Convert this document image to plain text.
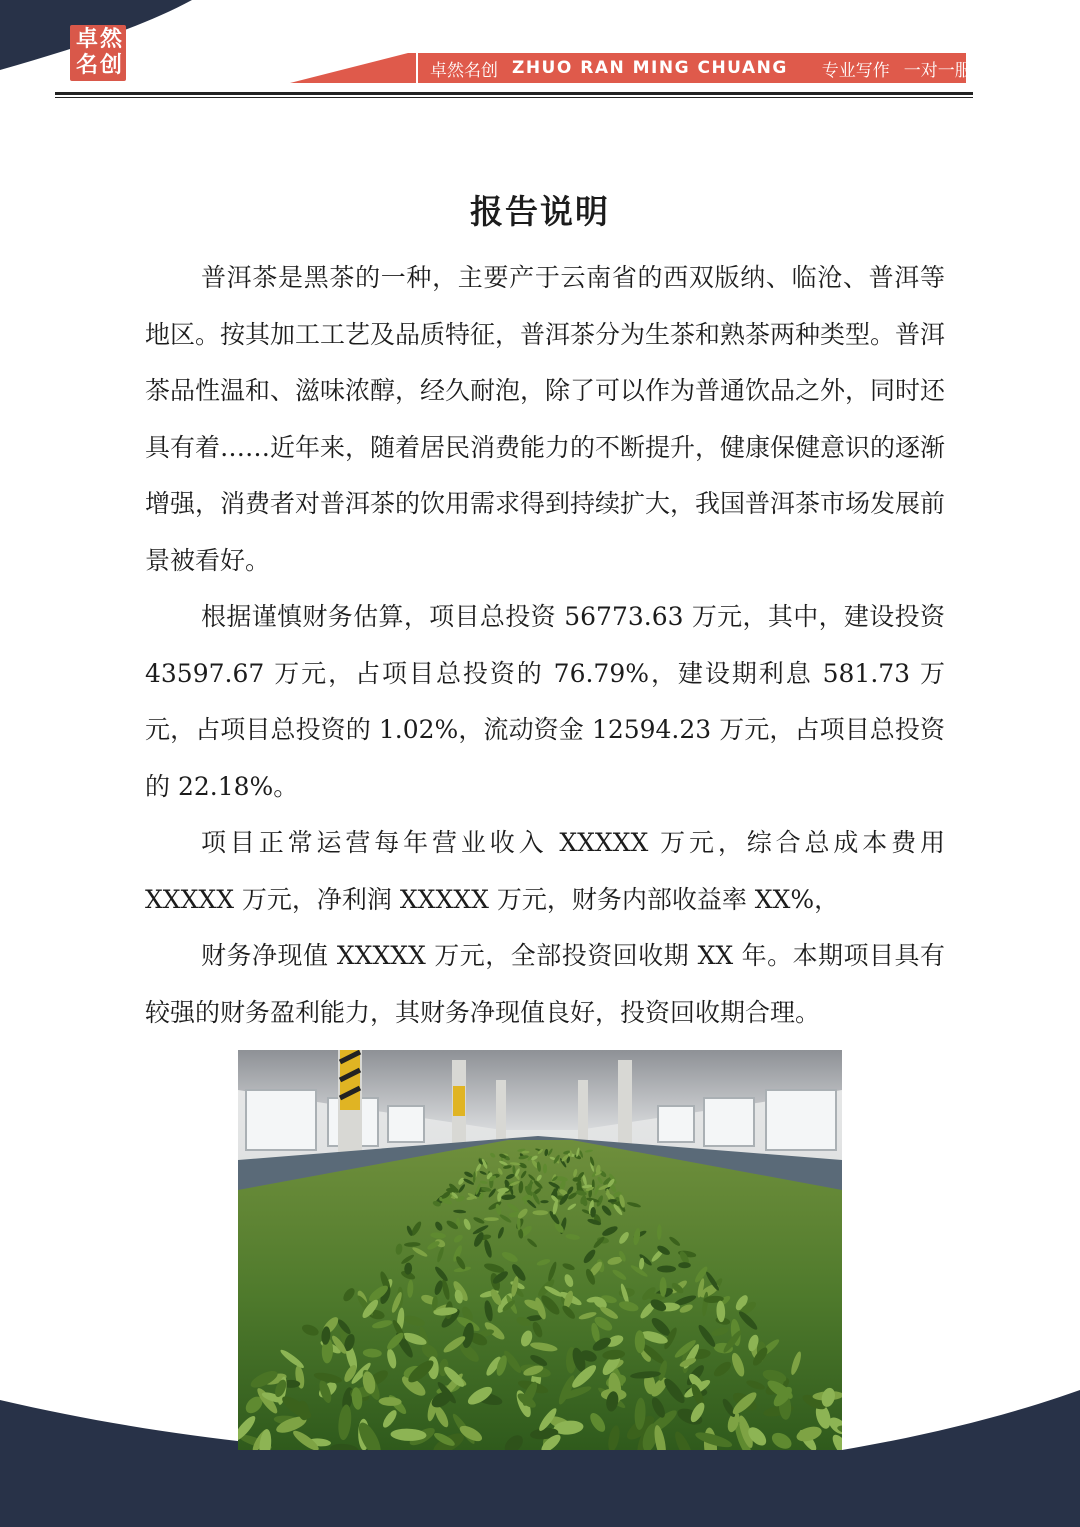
卓 然
名 创	卓然名创 ZHUO RAN MING CHUANG 专业写作 一对一服务
报告说明

普洱茶是黑茶的一种，主要产于云南省的西双版纳、临沧、普洱等地区。按其加工工艺及品质特征，普洱茶分为生茶和熟茶两种类型。普洱茶品性温和、滋味浓醇，经久耐泡，除了可以作为普通饮品之外，同时还具有着……近年来，随着居民消费能力的不断提升，健康保健意识的逐渐增强，消费者对普洱茶的饮用需求得到持续扩大，我国普洱茶市场发展前景被看好。

根据谨慎财务估算，项目总投资 56773.63 万元，其中，建设投资 43597.67 万元，占项目总投资的 76.79%，建设期利息 581.73 万元，占项目总投资的 1.02%，流动资金 12594.23 万元，占项目总投资的 22.18%。

项目正常运营每年营业收入 XXXXX 万元，综合总成本费用 XXXXX 万元，净利润 XXXXX 万元，财务内部收益率 XX%，

财务净现值 XXXXX 万元，全部投资回收期 XX 年。本期项目具有较强的财务盈利能力，其财务净现值良好，投资回收期合理。
